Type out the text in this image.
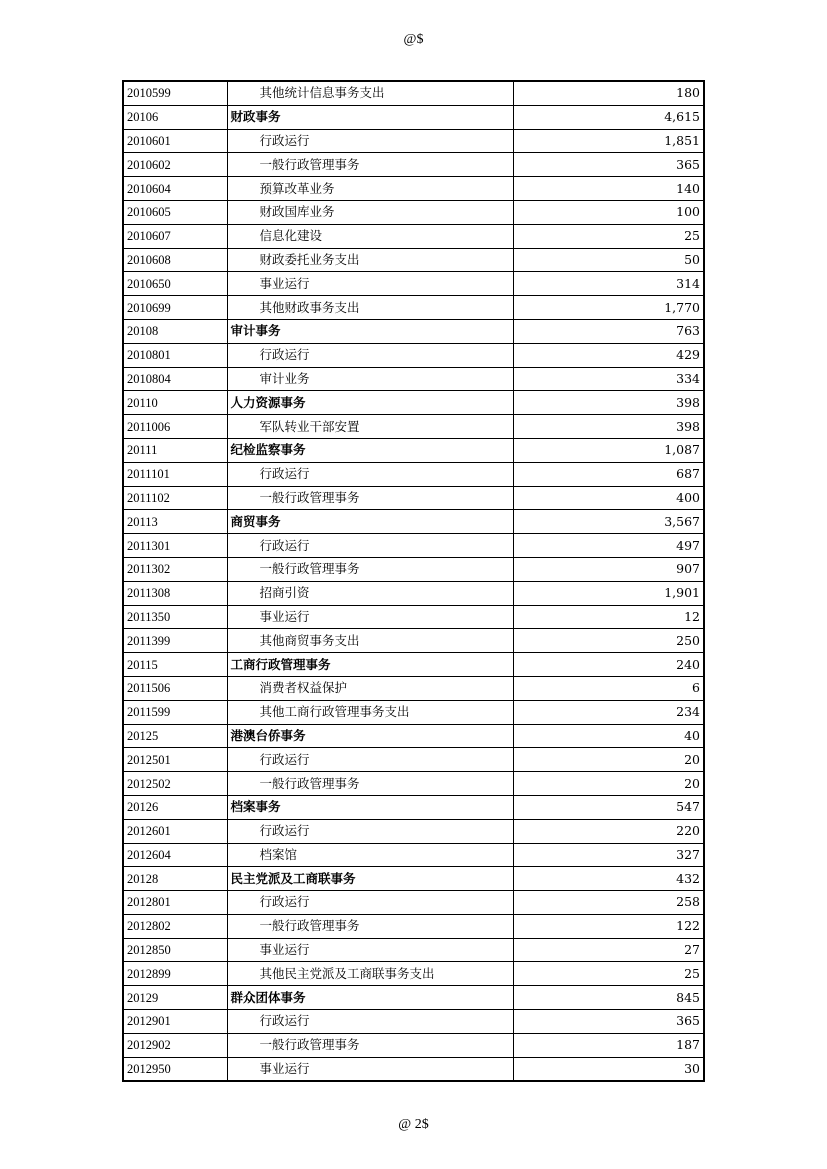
@$
2010599	其他统计信息事务支出	180
20106	财政事务	4,615
2010601	行政运行	1,851
2010602	一般行政管理事务	365
2010604	预算改革业务	140
2010605	财政国库业务	100
2010607	信息化建设	25
2010608	财政委托业务支出	50
2010650	事业运行	314
2010699	其他财政事务支出	1,770
20108	审计事务	763
2010801	行政运行	429
2010804	审计业务	334
20110	人力资源事务	398
2011006	军队转业干部安置	398
20111	纪检监察事务	1,087
2011101	行政运行	687
2011102	一般行政管理事务	400
20113	商贸事务	3,567
2011301	行政运行	497
2011302	一般行政管理事务	907
2011308	招商引资	1,901
2011350	事业运行	12
2011399	其他商贸事务支出	250
20115	工商行政管理事务	240
2011506	消费者权益保护	6
2011599	其他工商行政管理事务支出	234
20125	港澳台侨事务	40
2012501	行政运行	20
2012502	一般行政管理事务	20
20126	档案事务	547
2012601	行政运行	220
2012604	档案馆	327
20128	民主党派及工商联事务	432
2012801	行政运行	258
2012802	一般行政管理事务	122
2012850	事业运行	27
2012899	其他民主党派及工商联事务支出	25
20129	群众团体事务	845
2012901	行政运行	365
2012902	一般行政管理事务	187
2012950	事业运行	30
@ 2$
